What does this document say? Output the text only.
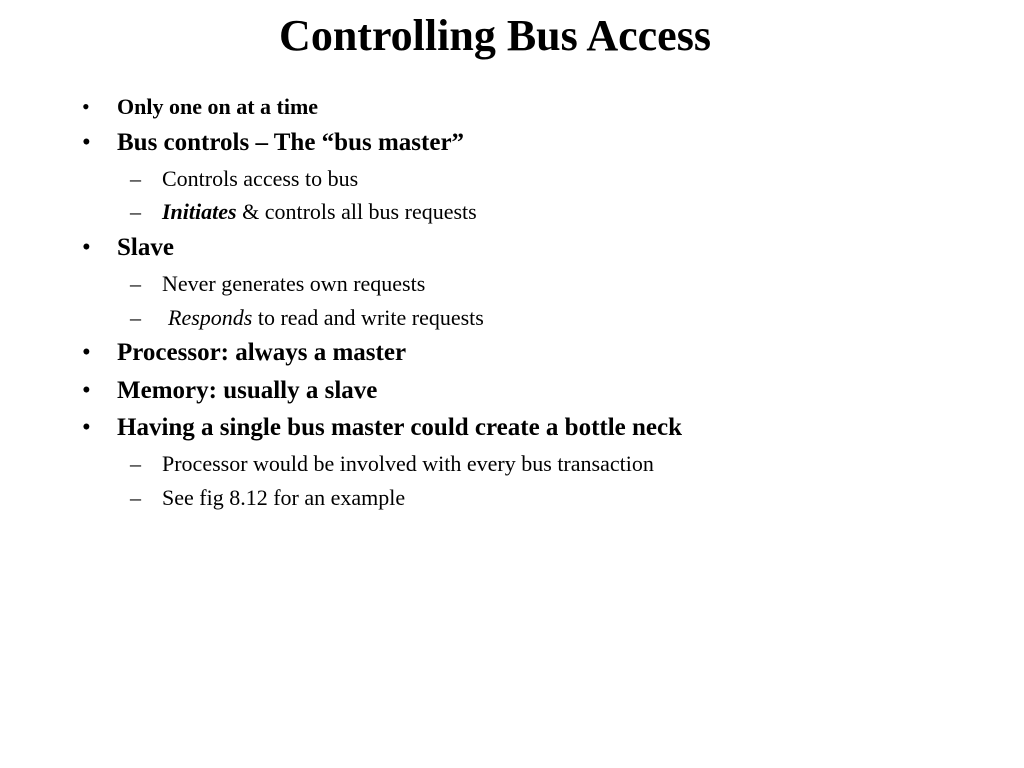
Controlling Bus Access
• Only one on at a time
• Bus controls – The “bus master”
– Controls access to bus
– Initiates & controls all bus requests
• Slave
– Never generates own requests
– Responds to read and write requests
• Processor: always a master
• Memory: usually a slave
• Having a single bus master could create a bottle neck
– Processor would be involved with every bus transaction
– See fig 8.12 for an example
